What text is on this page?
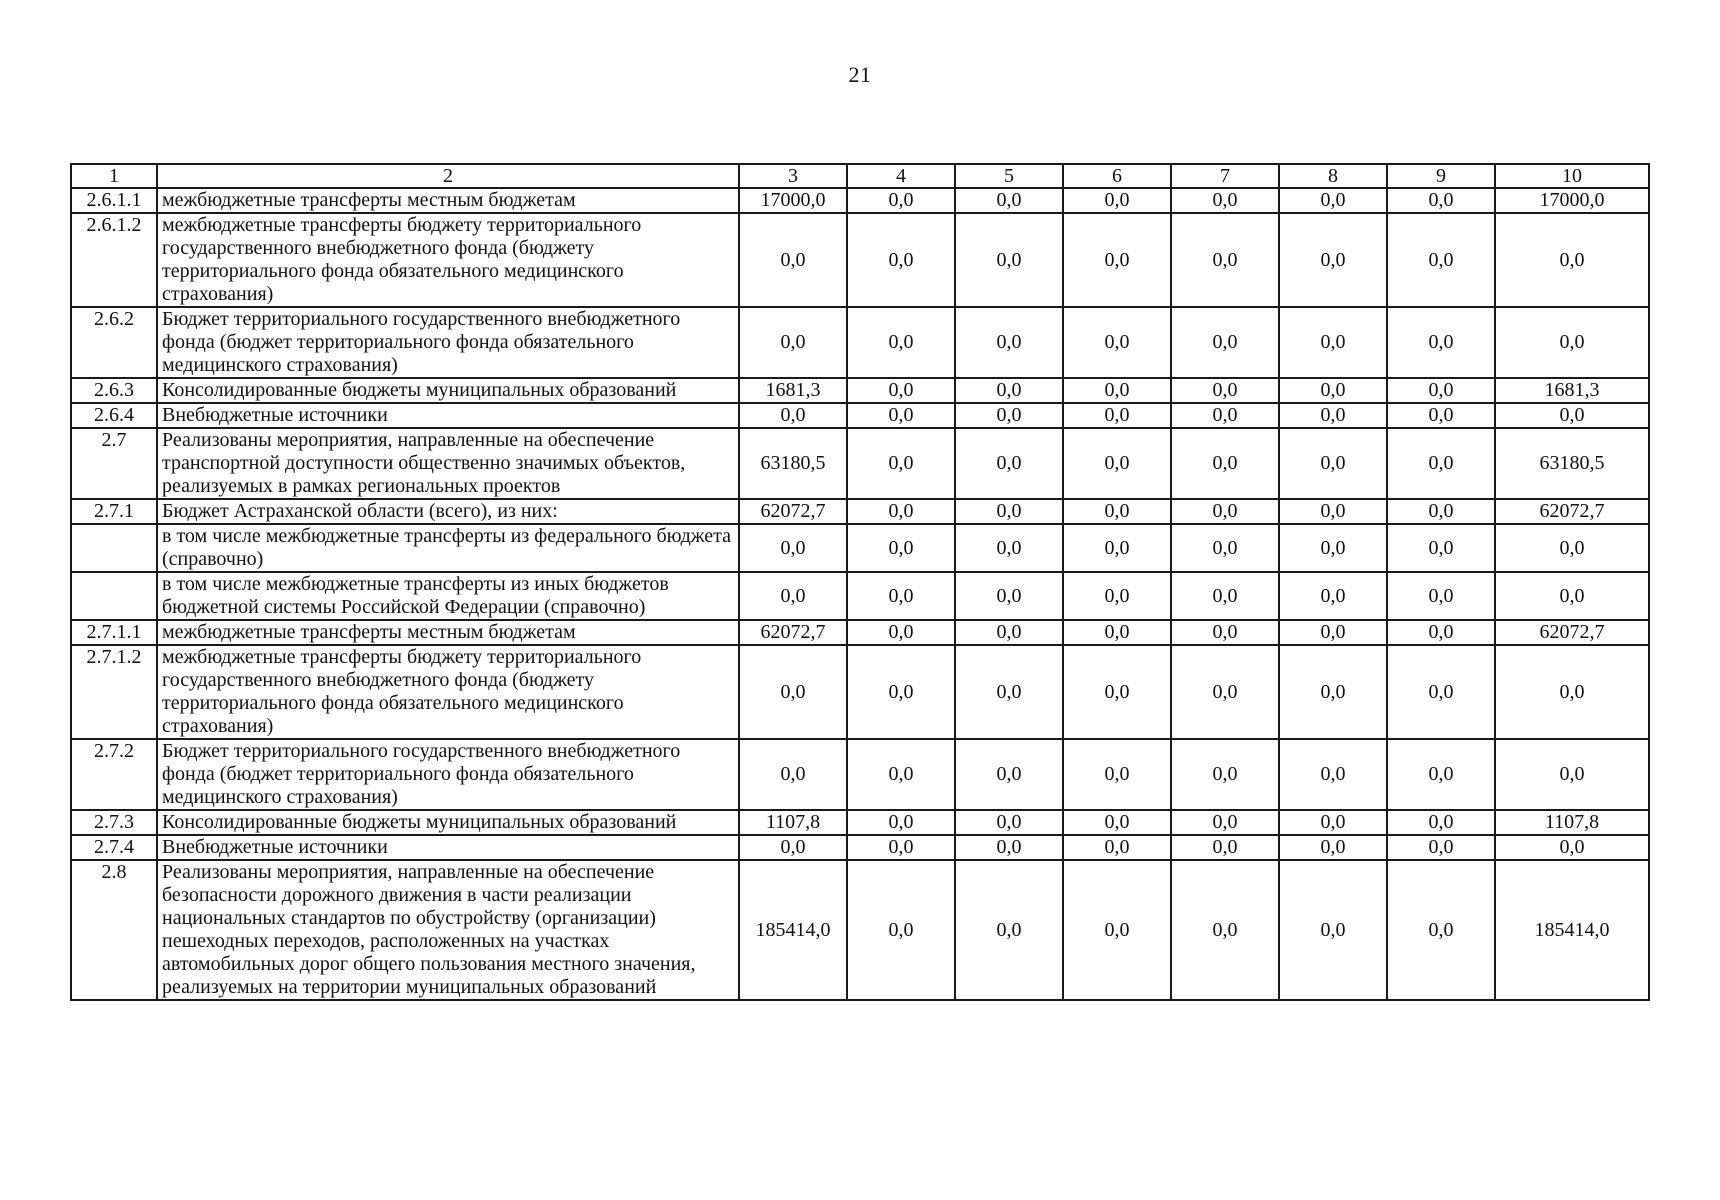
21
1	2	3	4	5	6	7	8	9	10
2.6.1.1	межбюджетные трансферты местным бюджетам	17000,0	0,0	0,0	0,0	0,0	0,0	0,0	17000,0
2.6.1.2	межбюджетные трансферты бюджету территориального государственного внебюджетного фонда (бюджету территориального фонда обязательного медицинского страхования)	0,0	0,0	0,0	0,0	0,0	0,0	0,0	0,0
2.6.2	Бюджет территориального государственного внебюджетного фонда (бюджет территориального фонда обязательного медицинского страхования)	0,0	0,0	0,0	0,0	0,0	0,0	0,0	0,0
2.6.3	Консолидированные бюджеты муниципальных образований	1681,3	0,0	0,0	0,0	0,0	0,0	0,0	1681,3
2.6.4	Внебюджетные источники	0,0	0,0	0,0	0,0	0,0	0,0	0,0	0,0
2.7	Реализованы мероприятия, направленные на обеспечение транспортной доступности общественно значимых объектов, реализуемых в рамках региональных проектов	63180,5	0,0	0,0	0,0	0,0	0,0	0,0	63180,5
2.7.1	Бюджет Астраханской области (всего), из них:	62072,7	0,0	0,0	0,0	0,0	0,0	0,0	62072,7
	в том числе межбюджетные трансферты из федерального бюджета (справочно)	0,0	0,0	0,0	0,0	0,0	0,0	0,0	0,0
	в том числе межбюджетные трансферты из иных бюджетов бюджетной системы Российской Федерации (справочно)	0,0	0,0	0,0	0,0	0,0	0,0	0,0	0,0
2.7.1.1	межбюджетные трансферты местным бюджетам	62072,7	0,0	0,0	0,0	0,0	0,0	0,0	62072,7
2.7.1.2	межбюджетные трансферты бюджету территориального государственного внебюджетного фонда (бюджету территориального фонда обязательного медицинского страхования)	0,0	0,0	0,0	0,0	0,0	0,0	0,0	0,0
2.7.2	Бюджет территориального государственного внебюджетного фонда (бюджет территориального фонда обязательного медицинского страхования)	0,0	0,0	0,0	0,0	0,0	0,0	0,0	0,0
2.7.3	Консолидированные бюджеты муниципальных образований	1107,8	0,0	0,0	0,0	0,0	0,0	0,0	1107,8
2.7.4	Внебюджетные источники	0,0	0,0	0,0	0,0	0,0	0,0	0,0	0,0
2.8	Реализованы мероприятия, направленные на обеспечение безопасности дорожного движения в части реализации национальных стандартов по обустройству (организации) пешеходных переходов, расположенных на участках автомобильных дорог общего пользования местного значения, реализуемых на территории муниципальных образований	185414,0	0,0	0,0	0,0	0,0	0,0	0,0	185414,0
